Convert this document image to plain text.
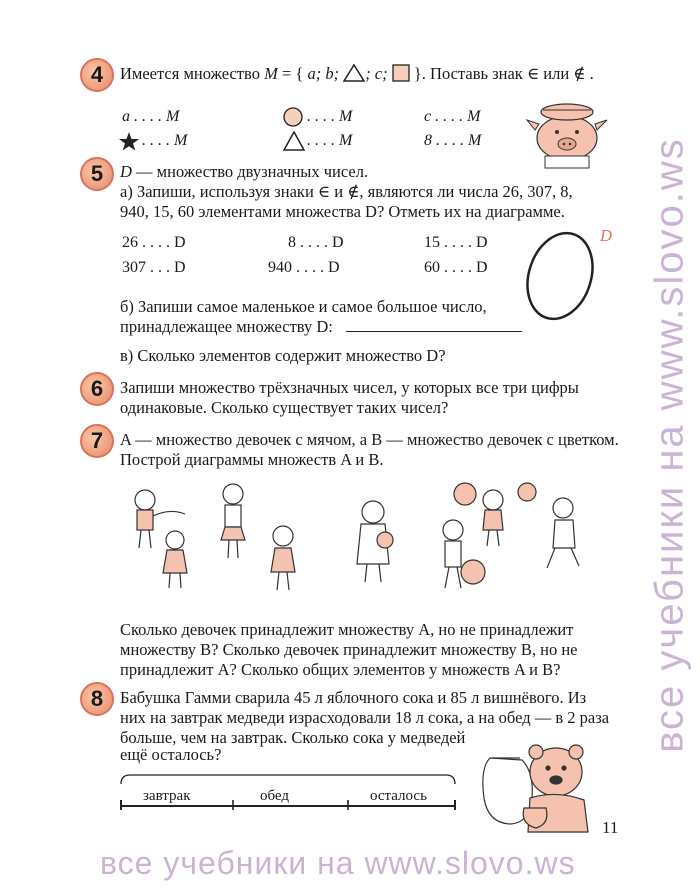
все учебники на www.slovo.ws
4	Имеется множество M = { a; b; ; c; }. Поставь знак ∈ или ∉ .
a . . . . M	. . . . M	c . . . . M
. . . . M	. . . . M	8 . . . . M
5	D — множество двузначных чисел.
а) Запиши, используя знаки ∈ и ∉, являются ли числа 26, 307, 8,
940, 15, 60 элементами множества D? Отметь их на диаграмме.
26 . . . . D	8 . . . . D	15 . . . . D
307 . . . D	940 . . . . D	60 . . . . D
D
б) Запиши самое маленькое и самое большое число,
принадлежащее множеству D:
в) Сколько элементов содержит множество D?
6	Запиши множество трёхзначных чисел, у которых все три цифры
одинаковые. Сколько существует таких чисел?
7	A — множество девочек с мячом, а B — множество девочек с цветком.
Построй диаграммы множеств A и B.
Сколько девочек принадлежит множеству A, но не принадлежит
множеству B? Сколько девочек принадлежит множеству B, но не
принадлежит A? Сколько общих элементов у множеств A и B?
8	Бабушка Гамми сварила 45 л яблочного сока и 85 л вишнёвого. Из
них на завтрак медведи израсходовали 18 л сока, а на обед — в 2 раза
больше, чем на завтрак. Сколько сока у медведей
ещё осталось?
завтрак	обед	осталось
11
все учебники на www.slovo.ws
